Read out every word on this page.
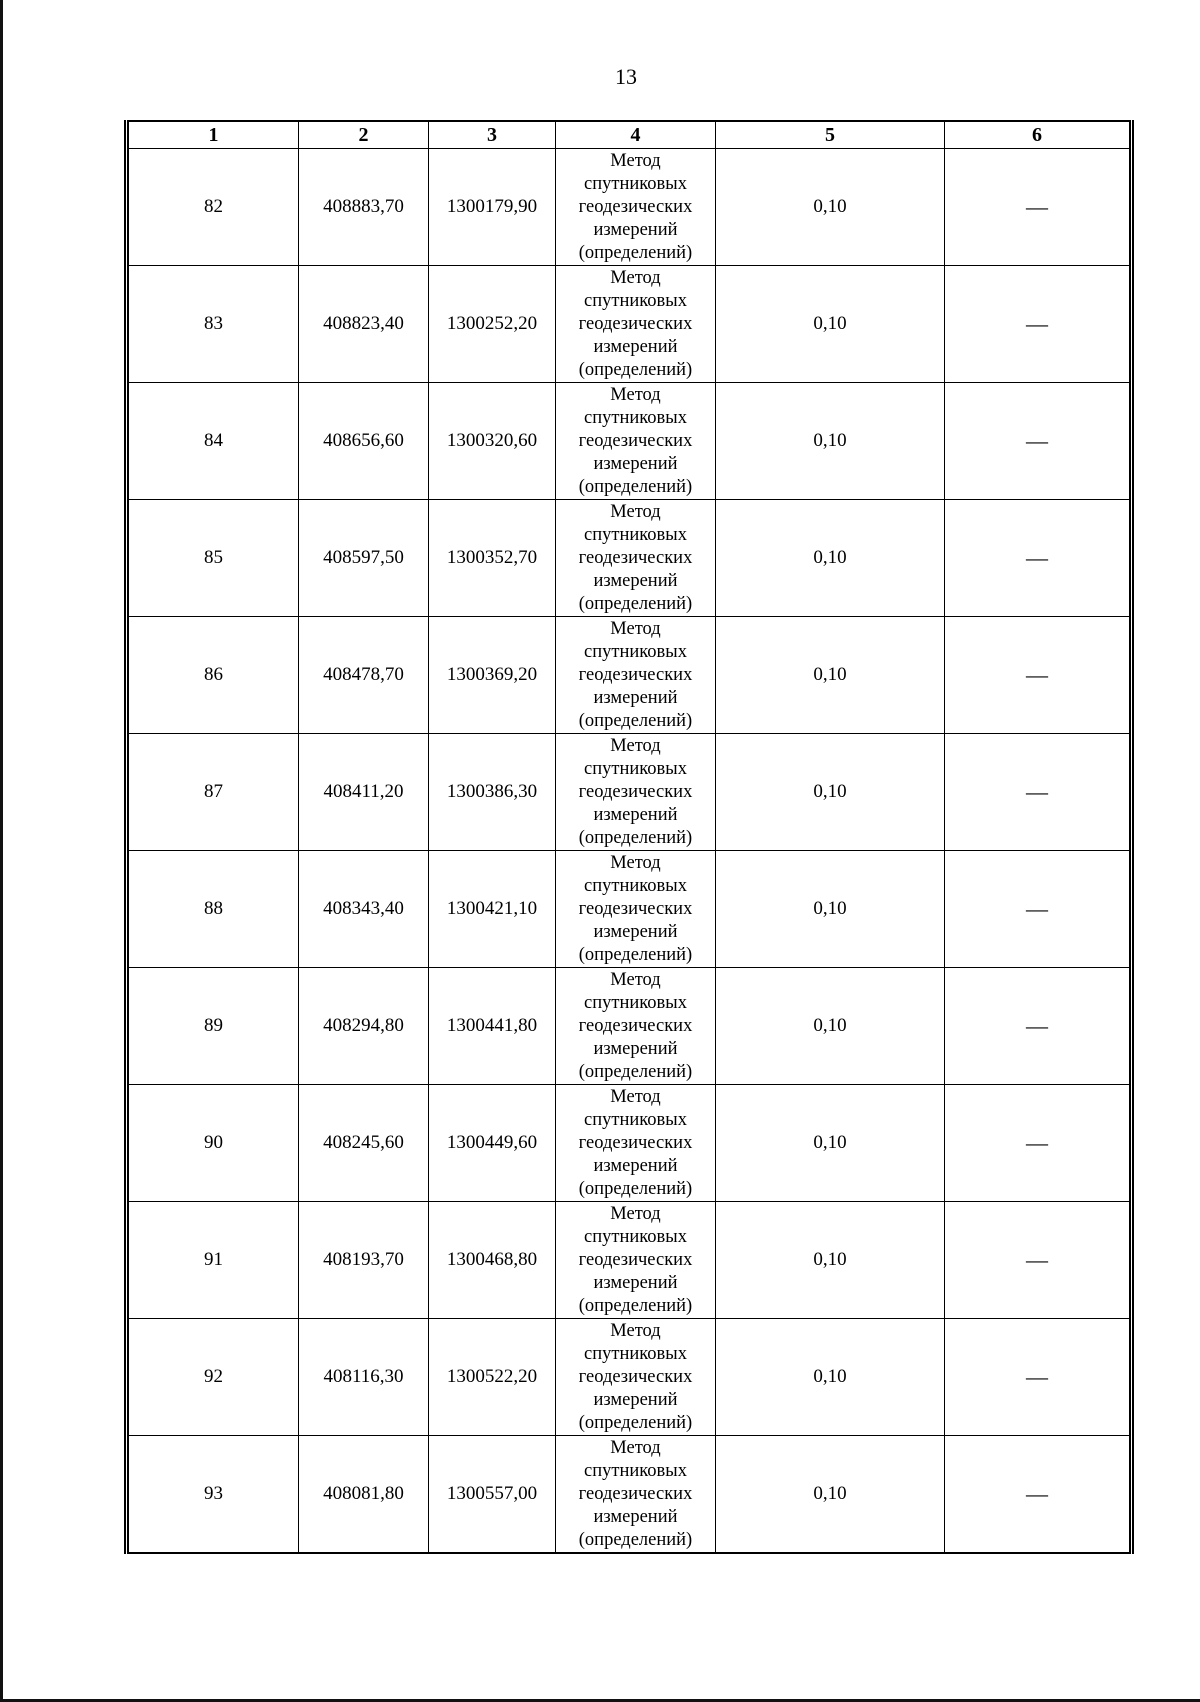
13
1	2	3	4	5	6
82	408883,70	1300179,90	Метод
спутниковых
геодезических
измерений
(определений)	0,10	—
83	408823,40	1300252,20	Метод
спутниковых
геодезических
измерений
(определений)	0,10	—
84	408656,60	1300320,60	Метод
спутниковых
геодезических
измерений
(определений)	0,10	—
85	408597,50	1300352,70	Метод
спутниковых
геодезических
измерений
(определений)	0,10	—
86	408478,70	1300369,20	Метод
спутниковых
геодезических
измерений
(определений)	0,10	—
87	408411,20	1300386,30	Метод
спутниковых
геодезических
измерений
(определений)	0,10	—
88	408343,40	1300421,10	Метод
спутниковых
геодезических
измерений
(определений)	0,10	—
89	408294,80	1300441,80	Метод
спутниковых
геодезических
измерений
(определений)	0,10	—
90	408245,60	1300449,60	Метод
спутниковых
геодезических
измерений
(определений)	0,10	—
91	408193,70	1300468,80	Метод
спутниковых
геодезических
измерений
(определений)	0,10	—
92	408116,30	1300522,20	Метод
спутниковых
геодезических
измерений
(определений)	0,10	—
93	408081,80	1300557,00	Метод
спутниковых
геодезических
измерений
(определений)	0,10	—
